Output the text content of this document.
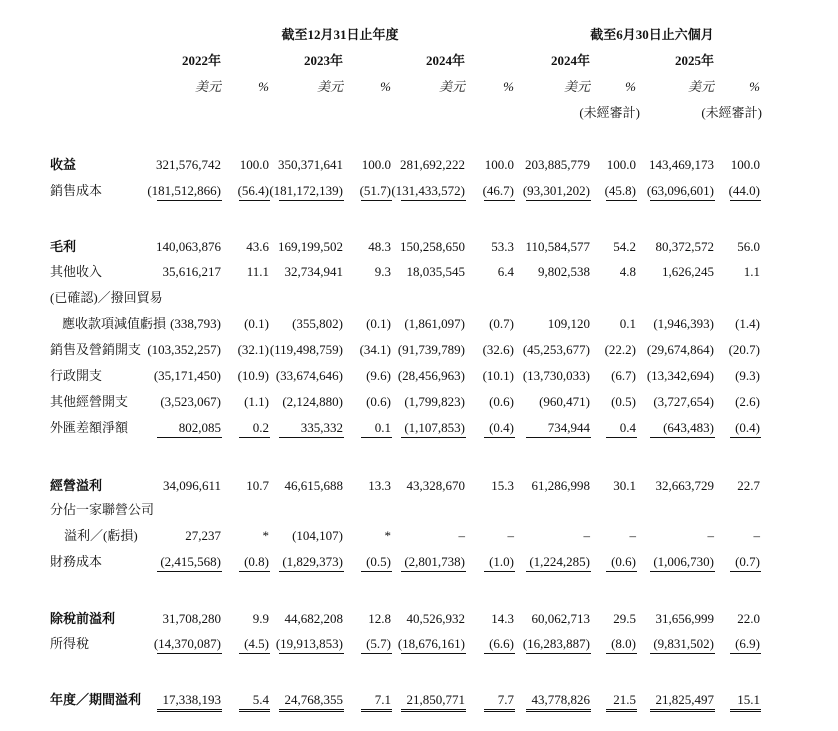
截至12月31日止年度	截至6月30日止六個月
2022年	2023年	2024年	2024年	2025年
美元	%	美元	%	美元	%	美元	%	美元	%
(未經審計)	(未經審計)
收益	321,576,742	100.0 350,371,641	100.0 281,692,222	100.0 203,885,779	100.0	143,469,173	100.0
銷售成本	(181,512,866)	(56.4) (181,172,139)	(51.7) (131,433,572)	(46.7) (93,301,202)	(45.8) (63,096,601)	(44.0)
毛利	140,063,876	43.6 169,199,502	48.3 150,258,650	53.3 110,584,577	54.2	80,372,572	56.0
其他收入	35,616,217	11.1	32,734,941	9.3	18,035,545	6.4	9,802,538	4.8	1,626,245	1.1
(已確認)／撥回貿易
應收款項減值虧損 (338,793)	(0.1)	(355,802)	(0.1)	(1,861,097)	(0.7)	109,120	0.1	(1,946,393)	(1.4)
銷售及營銷開支 (103,352,257)	(32.1) (119,498,759)	(34.1) (91,739,789)	(32.6) (45,253,677)	(22.2) (29,674,864)	(20.7)
行政開支	(35,171,450)	(10.9) (33,674,646)	(9.6) (28,456,963)	(10.1) (13,730,033)	(6.7) (13,342,694)	(9.3)
其他經營開支	(3,523,067)	(1.1)	(2,124,880)	(0.6)	(1,799,823)	(0.6)	(960,471)	(0.5)	(3,727,654)	(2.6)
外匯差額淨額	802,085	0.2	335,332	0.1	(1,107,853)	(0.4)	734,944	0.4	(643,483)	(0.4)
經營溢利	34,096,611	10.7	46,615,688	13.3	43,328,670	15.3	61,286,998	30.1	32,663,729	22.7
分佔一家聯營公司
溢利／(虧損)	27,237	*	(104,107)	*	–	–	–	–	–	–
財務成本	(2,415,568)	(0.8)	(1,829,373)	(0.5)	(2,801,738)	(1.0)	(1,224,285)	(0.6)	(1,006,730)	(0.7)
除稅前溢利	31,708,280	9.9	44,682,208	12.8	40,526,932	14.3	60,062,713	29.5	31,656,999	22.0
所得稅	(14,370,087)	(4.5) (19,913,853)	(5.7) (18,676,161)	(6.6) (16,283,887)	(8.0)	(9,831,502)	(6.9)
年度／期間溢利	17,338,193	5.4	24,768,355	7.1	21,850,771	7.7	43,778,826	21.5	21,825,497	15.1
